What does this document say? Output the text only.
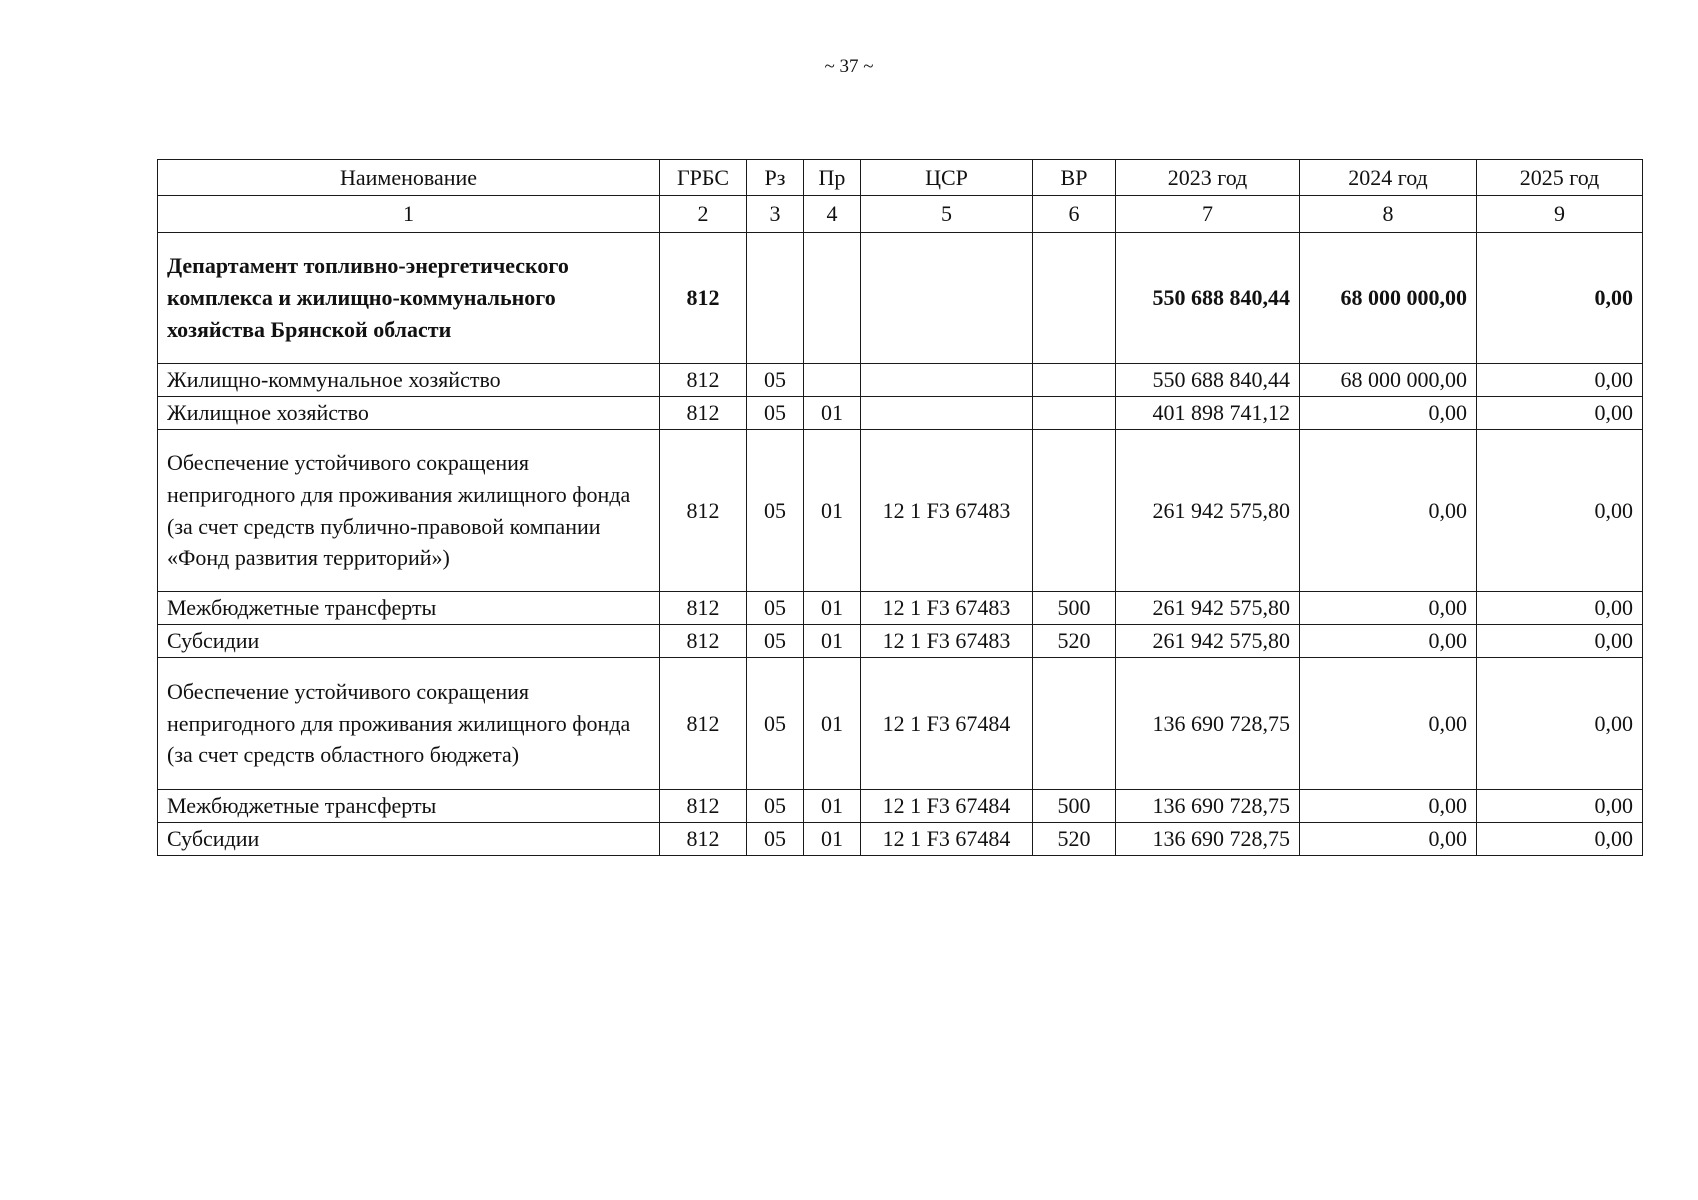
~ 37 ~
Наименование	ГРБС	Рз	Пр	ЦСР	ВР	2023 год	2024 год	2025 год
1	2	3	4	5	6	7	8	9
Департамент топливно-энергетического комплекса и жилищно-коммунального хозяйства Брянской области	812					550 688 840,44	68 000 000,00	0,00
Жилищно-коммунальное хозяйство	812	05				550 688 840,44	68 000 000,00	0,00
Жилищное хозяйство	812	05	01			401 898 741,12	0,00	0,00
Обеспечение устойчивого сокращения непригодного для проживания жилищного фонда (за счет средств публично-правовой компании «Фонд развития территорий»)	812	05	01	12 1 F3 67483		261 942 575,80	0,00	0,00
Межбюджетные трансферты	812	05	01	12 1 F3 67483	500	261 942 575,80	0,00	0,00
Субсидии	812	05	01	12 1 F3 67483	520	261 942 575,80	0,00	0,00
Обеспечение устойчивого сокращения непригодного для проживания жилищного фонда (за счет средств областного бюджета)	812	05	01	12 1 F3 67484		136 690 728,75	0,00	0,00
Межбюджетные трансферты	812	05	01	12 1 F3 67484	500	136 690 728,75	0,00	0,00
Субсидии	812	05	01	12 1 F3 67484	520	136 690 728,75	0,00	0,00
